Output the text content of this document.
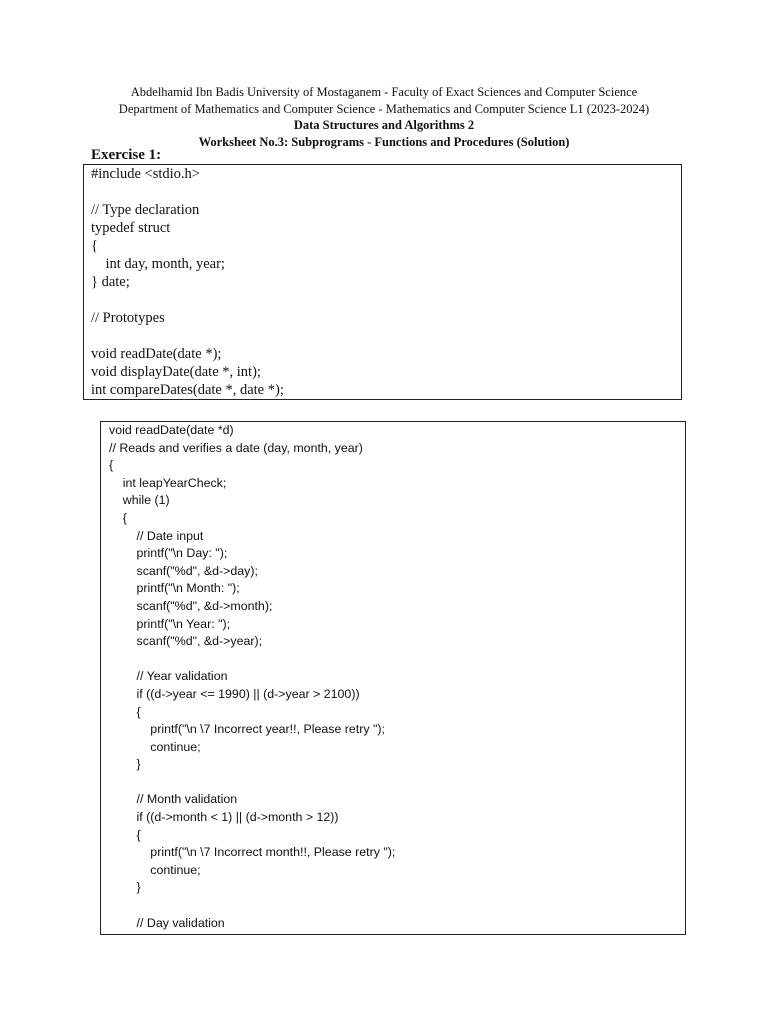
Abdelhamid Ibn Badis University of Mostaganem - Faculty of Exact Sciences and Computer Science
Department of Mathematics and Computer Science - Mathematics and Computer Science L1 (2023-2024)
Data Structures and Algorithms 2
Worksheet No.3: Subprograms - Functions and Procedures (Solution)
Exercise 1:
#include <stdio.h>
// Type declaration
typedef struct
{
int day, month, year;
} date;
// Prototypes
void readDate(date *);
void displayDate(date *, int);
int compareDates(date *, date *);
void readDate(date *d)
// Reads and verifies a date (day, month, year)
{
int leapYearCheck;
while (1)
{
// Date input
printf("\n Day: ");
scanf("%d", &d->day);
printf("\n Month: ");
scanf("%d", &d->month);
printf("\n Year: ");
scanf("%d", &d->year);
// Year validation
if ((d->year <= 1990) || (d->year > 2100))
{
printf("\n \7 Incorrect year!!, Please retry ");
continue;
}
// Month validation
if ((d->month < 1) || (d->month > 12))
{
printf("\n \7 Incorrect month!!, Please retry ");
continue;
}
// Day validation
